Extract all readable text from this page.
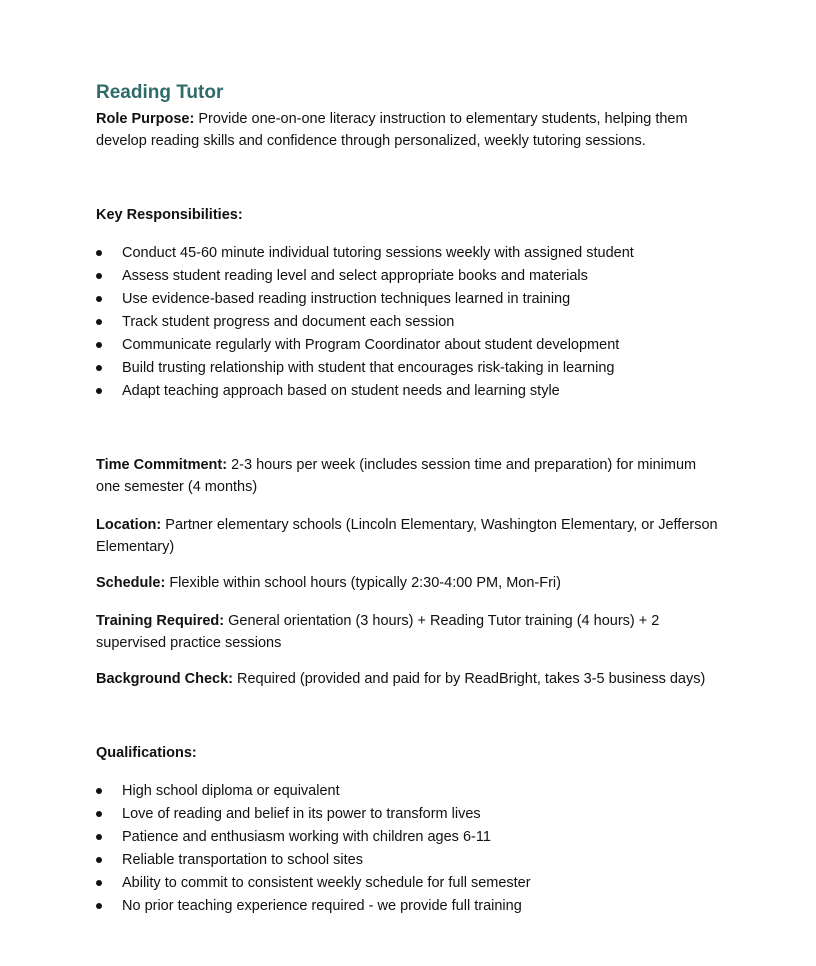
Reading Tutor

Role Purpose: Provide one-on-one literacy instruction to elementary students, helping them develop reading skills and confidence through personalized, weekly tutoring sessions.

Key Responsibilities:
Conduct 45-60 minute individual tutoring sessions weekly with assigned student
Assess student reading level and select appropriate books and materials
Use evidence-based reading instruction techniques learned in training
Track student progress and document each session
Communicate regularly with Program Coordinator about student development
Build trusting relationship with student that encourages risk-taking in learning
Adapt teaching approach based on student needs and learning style

Time Commitment: 2-3 hours per week (includes session time and preparation) for minimum one semester (4 months)

Location: Partner elementary schools (Lincoln Elementary, Washington Elementary, or Jefferson Elementary)

Schedule: Flexible within school hours (typically 2:30-4:00 PM, Mon-Fri)

Training Required: General orientation (3 hours) + Reading Tutor training (4 hours) + 2 supervised practice sessions

Background Check: Required (provided and paid for by ReadBright, takes 3-5 business days)

Qualifications:
High school diploma or equivalent
Love of reading and belief in its power to transform lives
Patience and enthusiasm working with children ages 6-11
Reliable transportation to school sites
Ability to commit to consistent weekly schedule for full semester
No prior teaching experience required - we provide full training
